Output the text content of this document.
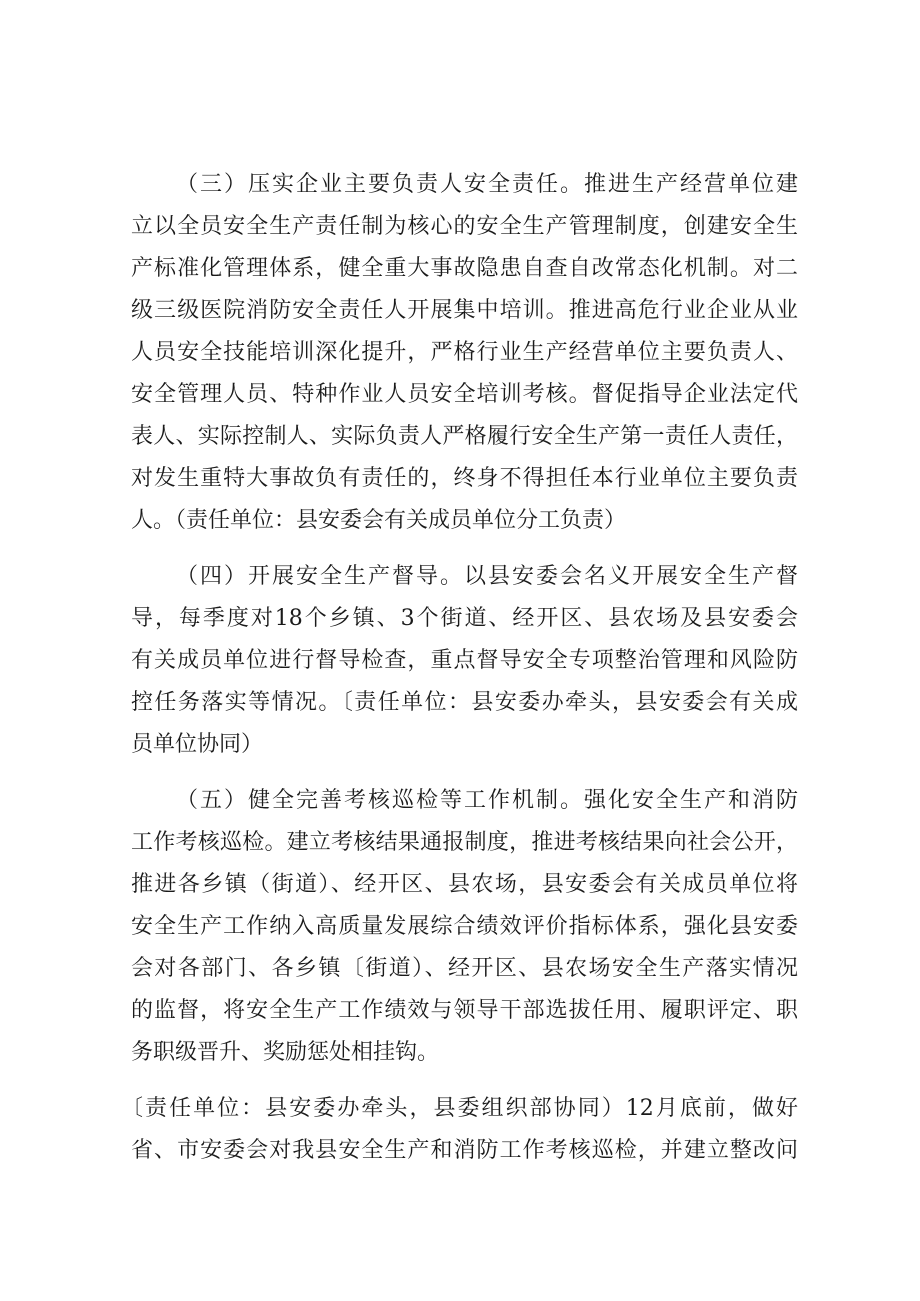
（三）压实企业主要负责人安全责任。推进生产经营单位建
立以全员安全生产责任制为核心的安全生产管理制度，创建安全生
产标准化管理体系，健全重大事故隐患自查自改常态化机制。对二
级三级医院消防安全责任人开展集中培训。推进高危行业企业从业
人员安全技能培训深化提升，严格行业生产经营单位主要负责人、
安全管理人员、特种作业人员安全培训考核。督促指导企业法定代
表人、实际控制人、实际负责人严格履行安全生产第一责任人责任，
对发生重特大事故负有责任的，终身不得担任本行业单位主要负责
人。（责任单位：县安委会有关成员单位分工负责）
（四）开展安全生产督导。以县安委会名义开展安全生产督
导，每季度对18个乡镇、3个街道、经开区、县农场及县安委会
有关成员单位进行督导检查，重点督导安全专项整治管理和风险防
控任务落实等情况。〔责任单位：县安委办牵头，县安委会有关成
员单位协同）
（五）健全完善考核巡检等工作机制。强化安全生产和消防
工作考核巡检。建立考核结果通报制度，推进考核结果向社会公开，
推进各乡镇（街道）、经开区、县农场，县安委会有关成员单位将
安全生产工作纳入高质量发展综合绩效评价指标体系，强化县安委
会对各部门、各乡镇〔街道）、经开区、县农场安全生产落实情况
的监督，将安全生产工作绩效与领导干部选拔任用、履职评定、职
务职级晋升、奖励惩处相挂钩。
〔责任单位：县安委办牵头，县委组织部协同）12月底前，做好
省、市安委会对我县安全生产和消防工作考核巡检，并建立整改问
